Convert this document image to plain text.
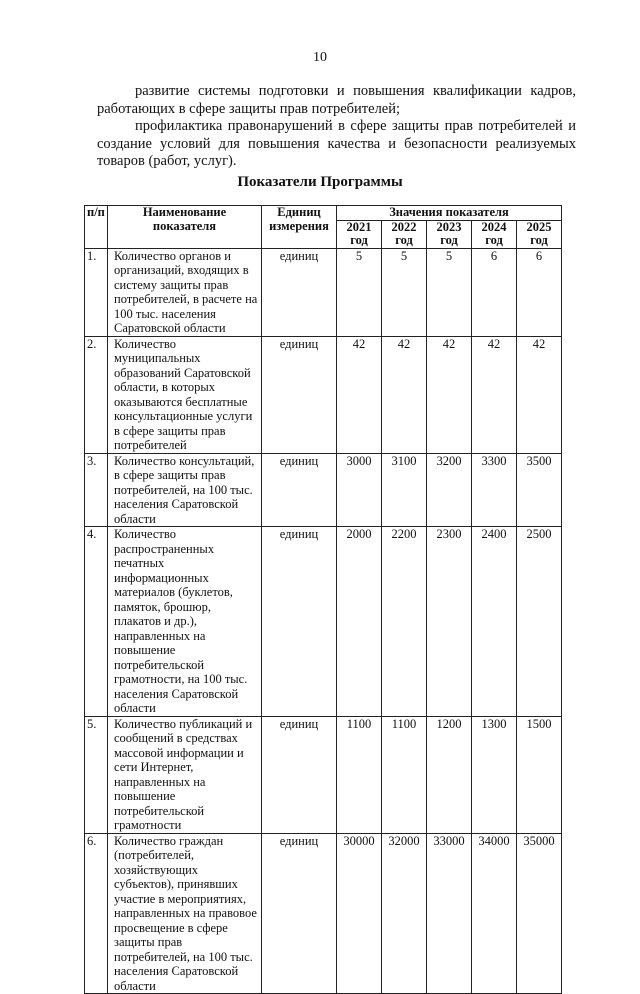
10
развитие системы подготовки и повышения квалификации кадров, работающих в сфере защиты прав потребителей;
профилактика правонарушений в сфере защиты прав потребителей и создание условий для повышения качества и безопасности реализуемых товаров (работ, услуг).
Показатели Программы
п/п	Наименование показателя	Единиц измерения	Значения показателя				
			2021 год	2022 год	2023 год	2024 год	2025 год
1.	Количество органов и организаций, входящих в систему защиты прав потребителей, в расчете на 100 тыс. населения Саратовской области	единиц	5	5	5	6	6
2.	Количество муниципальных образований Саратовской области, в которых оказываются бесплатные консультационные услуги в сфере защиты прав потребителей	единиц	42	42	42	42	42
3.	Количество консультаций, в сфере защиты прав потребителей, на 100 тыс. населения Саратовской области	единиц	3000	3100	3200	3300	3500
4.	Количество распространенных печатных информационных материалов (буклетов, памяток, брошюр, плакатов и др.), направленных на повышение потребительской грамотности, на 100 тыс. населения Саратовской области	единиц	2000	2200	2300	2400	2500
5.	Количество публикаций и сообщений в средствах массовой информации и сети Интернет, направленных на повышение потребительской грамотности	единиц	1100	1100	1200	1300	1500
6.	Количество граждан (потребителей, хозяйствующих субъектов), принявших участие в мероприятиях, направленных на правовое просвещение в сфере защиты прав потребителей, на 100 тыс. населения Саратовской области	единиц	30000	32000	33000	34000	35000
